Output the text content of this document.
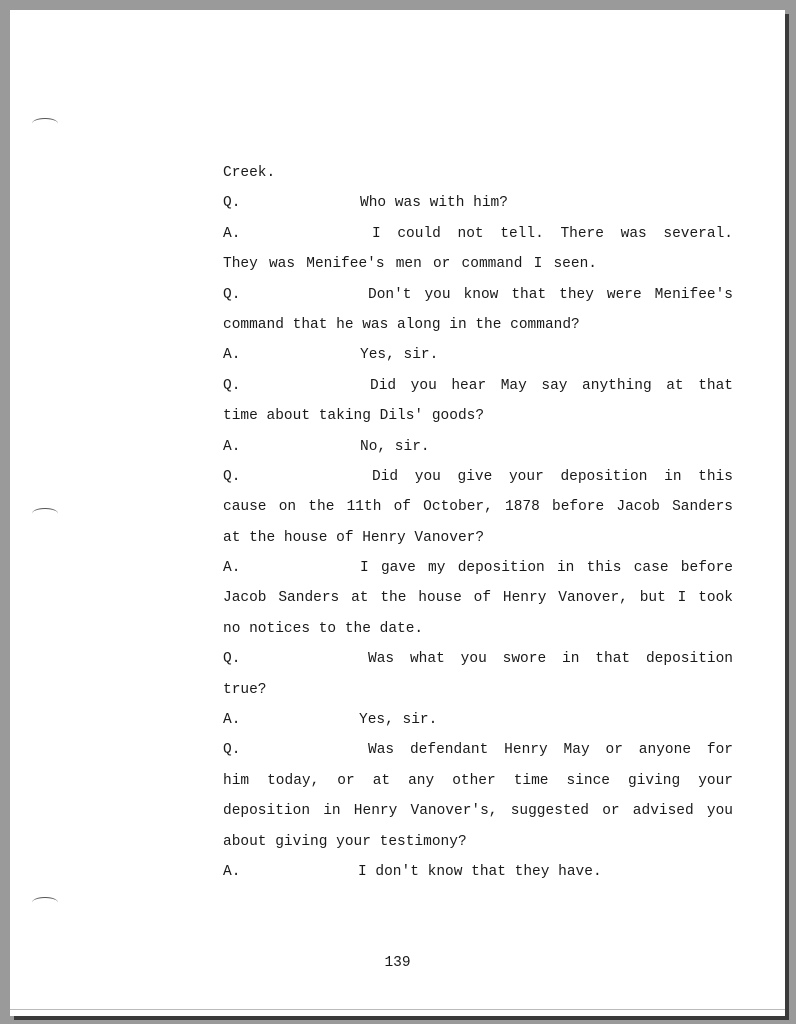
Creek.
Q.	Who was with him?
A.	I could not tell. There was several.
They was Menifee's men or command I seen.
Q.	Don't you know that they were Menifee's
command that he was along in the command?
A.	Yes, sir.
Q.	Did you hear May say anything at that
time about taking Dils' goods?
A.	No, sir.
Q.	Did you give your deposition in this
cause on the 11th of October, 1878 before Jacob Sanders
at the house of Henry Vanover?
A.	I gave my deposition in this case before
Jacob Sanders at the house of Henry Vanover, but I took
no notices to the date.
Q.	Was what you swore in that deposition
true?
A.	Yes, sir.
Q.	Was defendant Henry May or anyone for
him today, or at any other time since giving your
deposition in Henry Vanover's, suggested or advised you
about giving your testimony?
A.	I don't know that they have.
139
